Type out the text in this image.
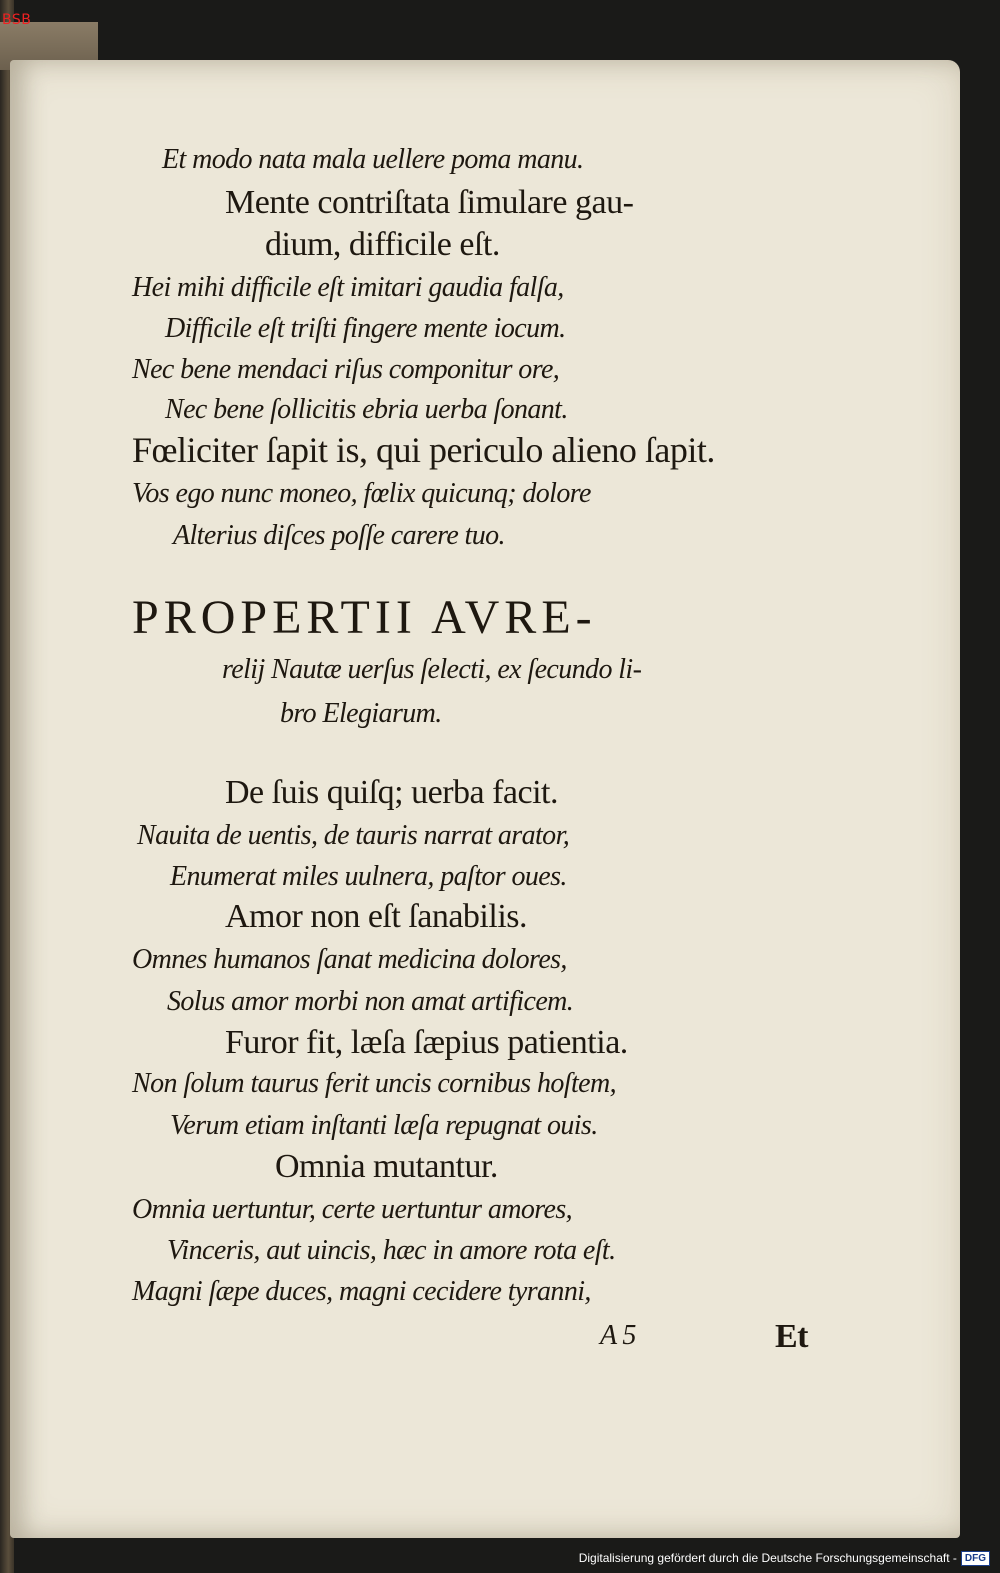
BSB
Et modo nata mala uellere poma manu.
Mente contriſtata ſimulare gau-
dium, difficile eſt.
Hei mihi difficile eſt imitari gaudia falſa,
Difficile eſt triſti fingere mente iocum.
Nec bene mendaci riſus componitur ore,
Nec bene ſollicitis ebria uerba ſonant.
Fœliciter ſapit is, qui periculo alieno ſapit.
Vos ego nunc moneo, fœlix quicunq; dolore
Alterius diſces poſſe carere tuo.
PROPERTII AVRE-
relij Nautæ uerſus ſelecti, ex ſecundo li-
bro Elegiarum.
De ſuis quiſq; uerba facit.
Nauita de uentis, de tauris narrat arator,
Enumerat miles uulnera, paſtor oues.
Amor non eſt ſanabilis.
Omnes humanos ſanat medicina dolores,
Solus amor morbi non amat artificem.
Furor fit, læſa ſæpius patientia.
Non ſolum taurus ferit uncis cornibus hoſtem,
Verum etiam inſtanti læſa repugnat ouis.
Omnia mutantur.
Omnia uertuntur, certe uertuntur amores,
Vinceris, aut uincis, hæc in amore rota eſt.
Magni ſæpe duces, magni cecidere tyranni,
A 5	Et
Digitalisierung gefördert durch die Deutsche Forschungsgemeinschaft - DFG
